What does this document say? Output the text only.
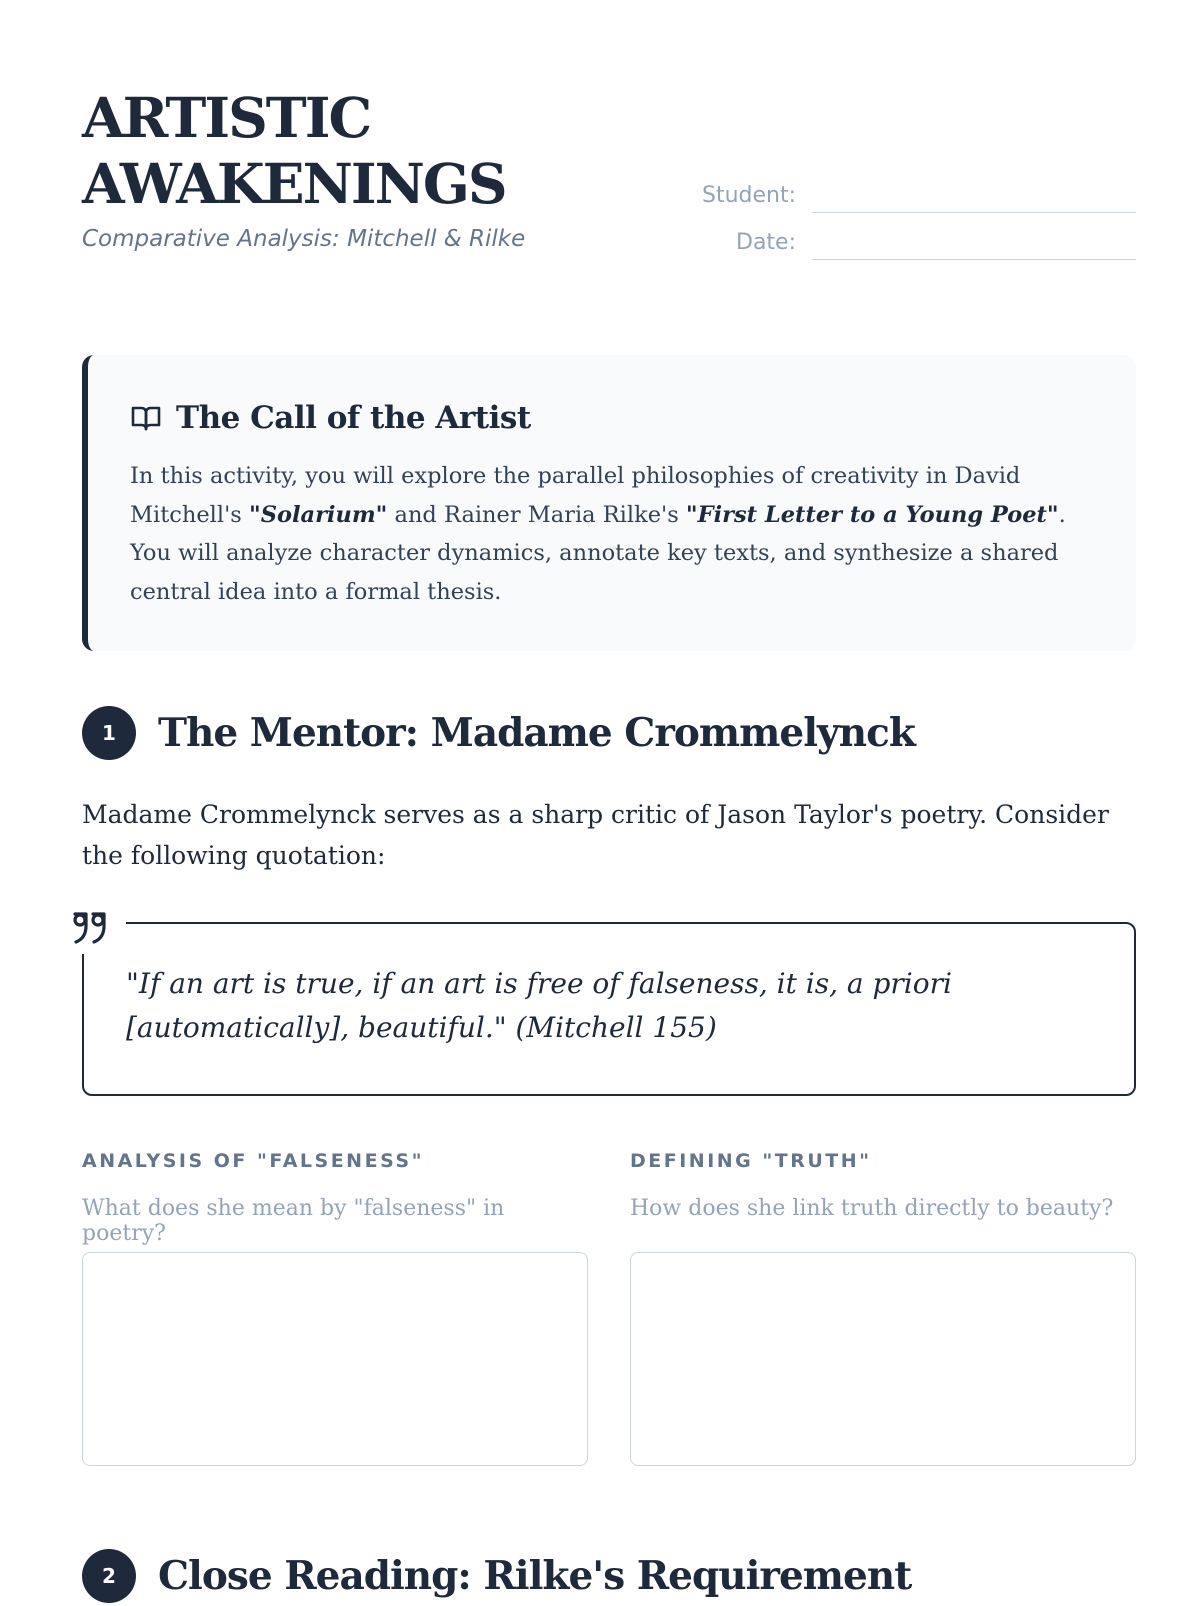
ARTISTIC
AWAKENINGS
Comparative Analysis: Mitchell & Rilke
Student:
Date:
The Call of the Artist
In this activity, you will explore the parallel philosophies of creativity in David Mitchell's "Solarium" and Rainer Maria Rilke's "First Letter to a Young Poet". You will analyze character dynamics, annotate key texts, and synthesize a shared central idea into a formal thesis.
1	The Mentor: Madame Crommelynck
Madame Crommelynck serves as a sharp critic of Jason Taylor's poetry. Consider the following quotation:
"If an art is true, if an art is free of falseness, it is, a priori [automatically], beautiful." (Mitchell 155)
ANALYSIS OF "FALSENESS"
What does she mean by "falseness" in poetry?
DEFINING "TRUTH"
How does she link truth directly to beauty?
2	Close Reading: Rilke's Requirement
